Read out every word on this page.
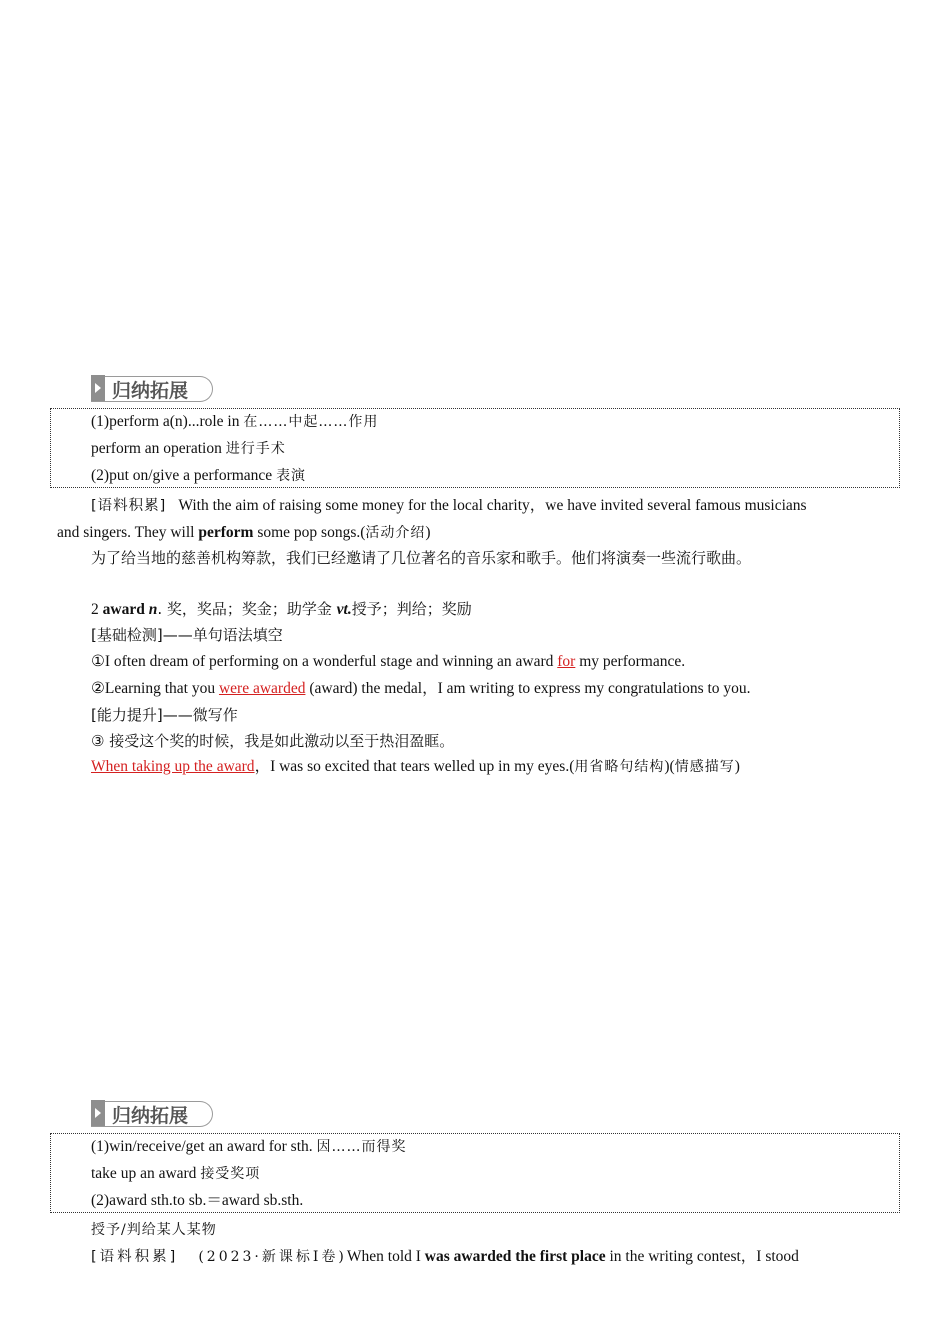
归纳拓展
(1)perform a(n)...role in 在……中起……作用
perform an operation 进行手术
(2)put on/give a performance 表演
[语料积累] With the aim of raising some money for the local charity，we have invited several famous musicians
and singers. They will perform some pop songs.(活动介绍)
为了给当地的慈善机构筹款，我们已经邀请了几位著名的音乐家和歌手。他们将演奏一些流行歌曲。
2 award n. 奖，奖品；奖金；助学金 vt.授予；判给；奖励
[基础检测]——单句语法填空
①I often dream of performing on a wonderful stage and winning an award for my performance.
②Learning that you were awarded (award) the medal，I am writing to express my congratulations to you.
[能力提升]——微写作
③ 接受这个奖的时候，我是如此激动以至于热泪盈眶。
When taking up the award，I was so excited that tears welled up in my eyes.(用省略句结构)(情感描写)
归纳拓展
(1)win/receive/get an award for sth. 因……而得奖
take up an award 接受奖项
(2)award sth.to sb.＝award sb.sth.
授予/判给某人某物
[语料积累] (2023·新课标Ⅰ卷)When told I was awarded the first place in the writing contest，I stood
